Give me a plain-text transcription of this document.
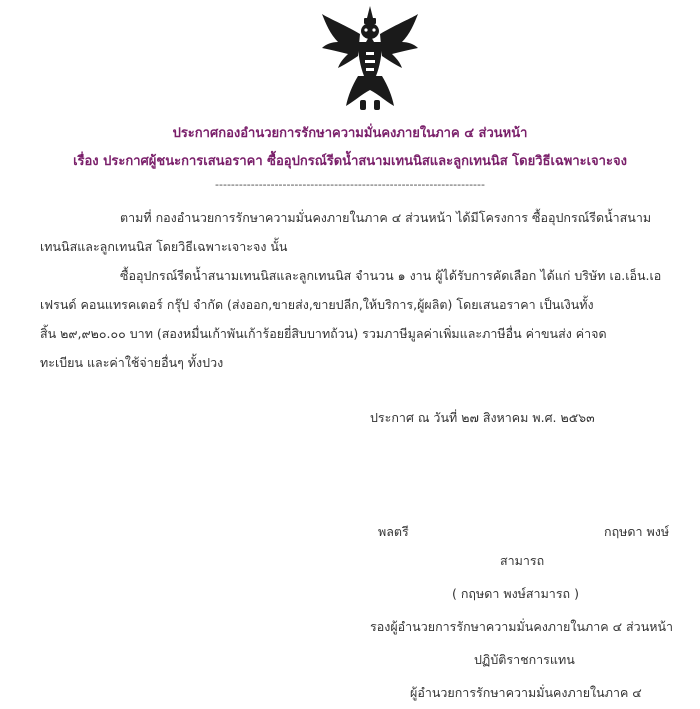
ประกาศกองอำนวยการรักษาความมั่นคงภายในภาค ๔ ส่วนหน้า
เรื่อง ประกาศผู้ชนะการเสนอราคา ซื้ออุปกรณ์รีดน้ำสนามเทนนิสและลูกเทนนิส โดยวิธีเฉพาะเจาะจง
--------------------------------------------------------------------
ตามที่ กองอำนวยการรักษาความมั่นคงภายในภาค ๔ ส่วนหน้า ได้มีโครงการ ซื้ออุปกรณ์รีดน้ำสนาม
เทนนิสและลูกเทนนิส โดยวิธีเฉพาะเจาะจง นั้น
ซื้ออุปกรณ์รีดน้ำสนามเทนนิสและลูกเทนนิส จำนวน ๑ งาน ผู้ได้รับการคัดเลือก ได้แก่ บริษัท เอ.เอ็น.เอ
เฟรนด์ คอนแทรคเตอร์ กรุ๊ป จำกัด (ส่งออก,ขายส่ง,ขายปลีก,ให้บริการ,ผู้ผลิต) โดยเสนอราคา เป็นเงินทั้ง
สิ้น ๒๙,๙๒๐.๐๐ บาท (สองหมื่นเก้าพันเก้าร้อยยี่สิบบาทถ้วน) รวมภาษีมูลค่าเพิ่มและภาษีอื่น ค่าขนส่ง ค่าจด
ทะเบียน และค่าใช้จ่ายอื่นๆ ทั้งปวง
ประกาศ ณ วันที่ ๒๗ สิงหาคม พ.ศ. ๒๕๖๓
พลตรี	กฤษดา พงษ์
สามารถ
( กฤษดา พงษ์สามารถ )
รองผู้อำนวยการรักษาความมั่นคงภายในภาค ๔ ส่วนหน้า
ปฏิบัติราชการแทน
ผู้อำนวยการรักษาความมั่นคงภายในภาค ๔
